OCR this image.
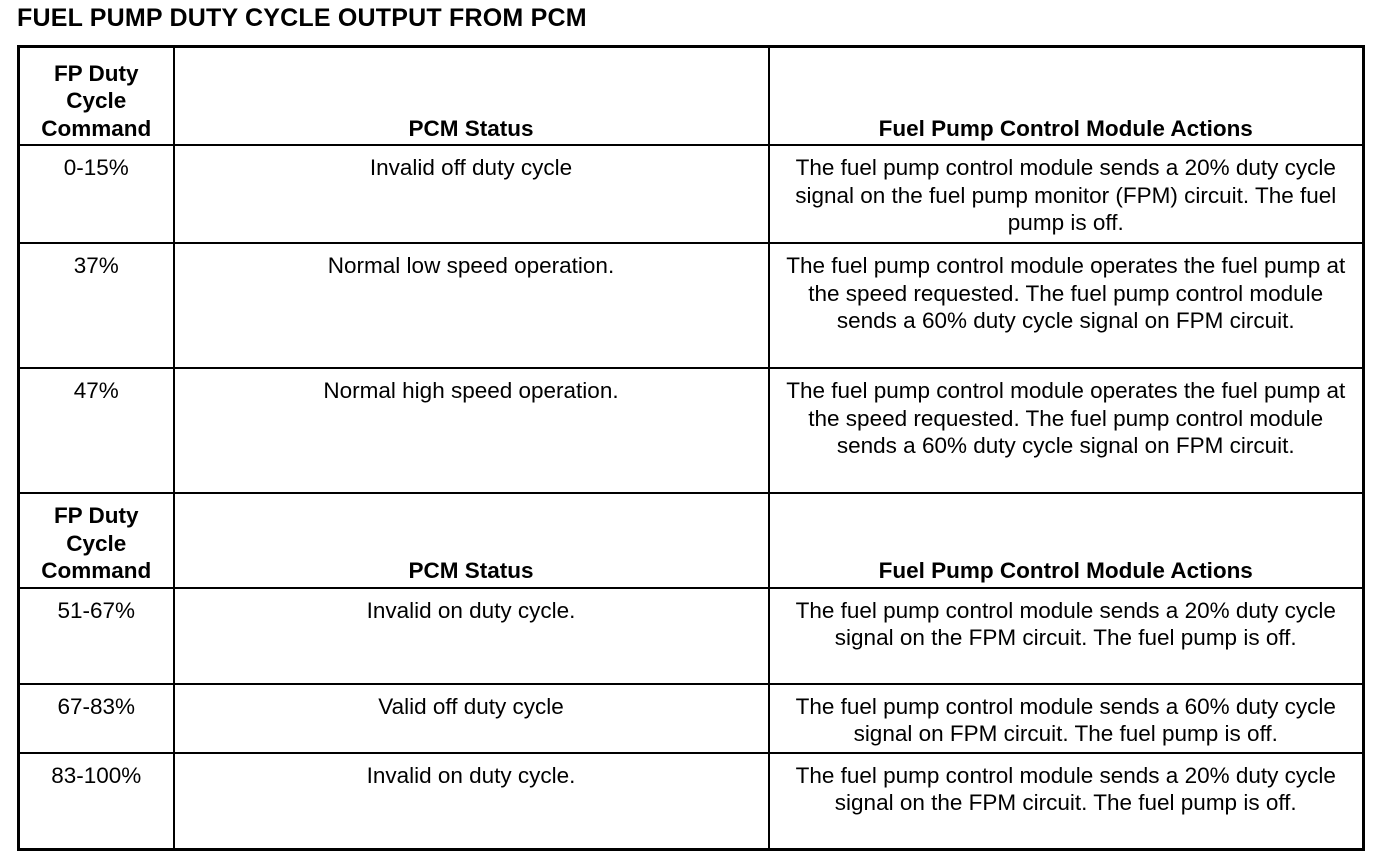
FUEL PUMP DUTY CYCLE OUTPUT FROM PCM
FP Duty Cycle Command	PCM Status	Fuel Pump Control Module Actions
0-15%	Invalid off duty cycle	The fuel pump control module sends a 20% duty cycle signal on the fuel pump monitor (FPM) circuit. The fuel pump is off.
37%	Normal low speed operation.	The fuel pump control module operates the fuel pump at the speed requested. The fuel pump control module sends a 60% duty cycle signal on FPM circuit.
47%	Normal high speed operation.	The fuel pump control module operates the fuel pump at the speed requested. The fuel pump control module sends a 60% duty cycle signal on FPM circuit.
FP Duty Cycle Command	PCM Status	Fuel Pump Control Module Actions
51-67%	Invalid on duty cycle.	The fuel pump control module sends a 20% duty cycle signal on the FPM circuit. The fuel pump is off.
67-83%	Valid off duty cycle	The fuel pump control module sends a 60% duty cycle signal on FPM circuit. The fuel pump is off.
83-100%	Invalid on duty cycle.	The fuel pump control module sends a 20% duty cycle signal on the FPM circuit. The fuel pump is off.
